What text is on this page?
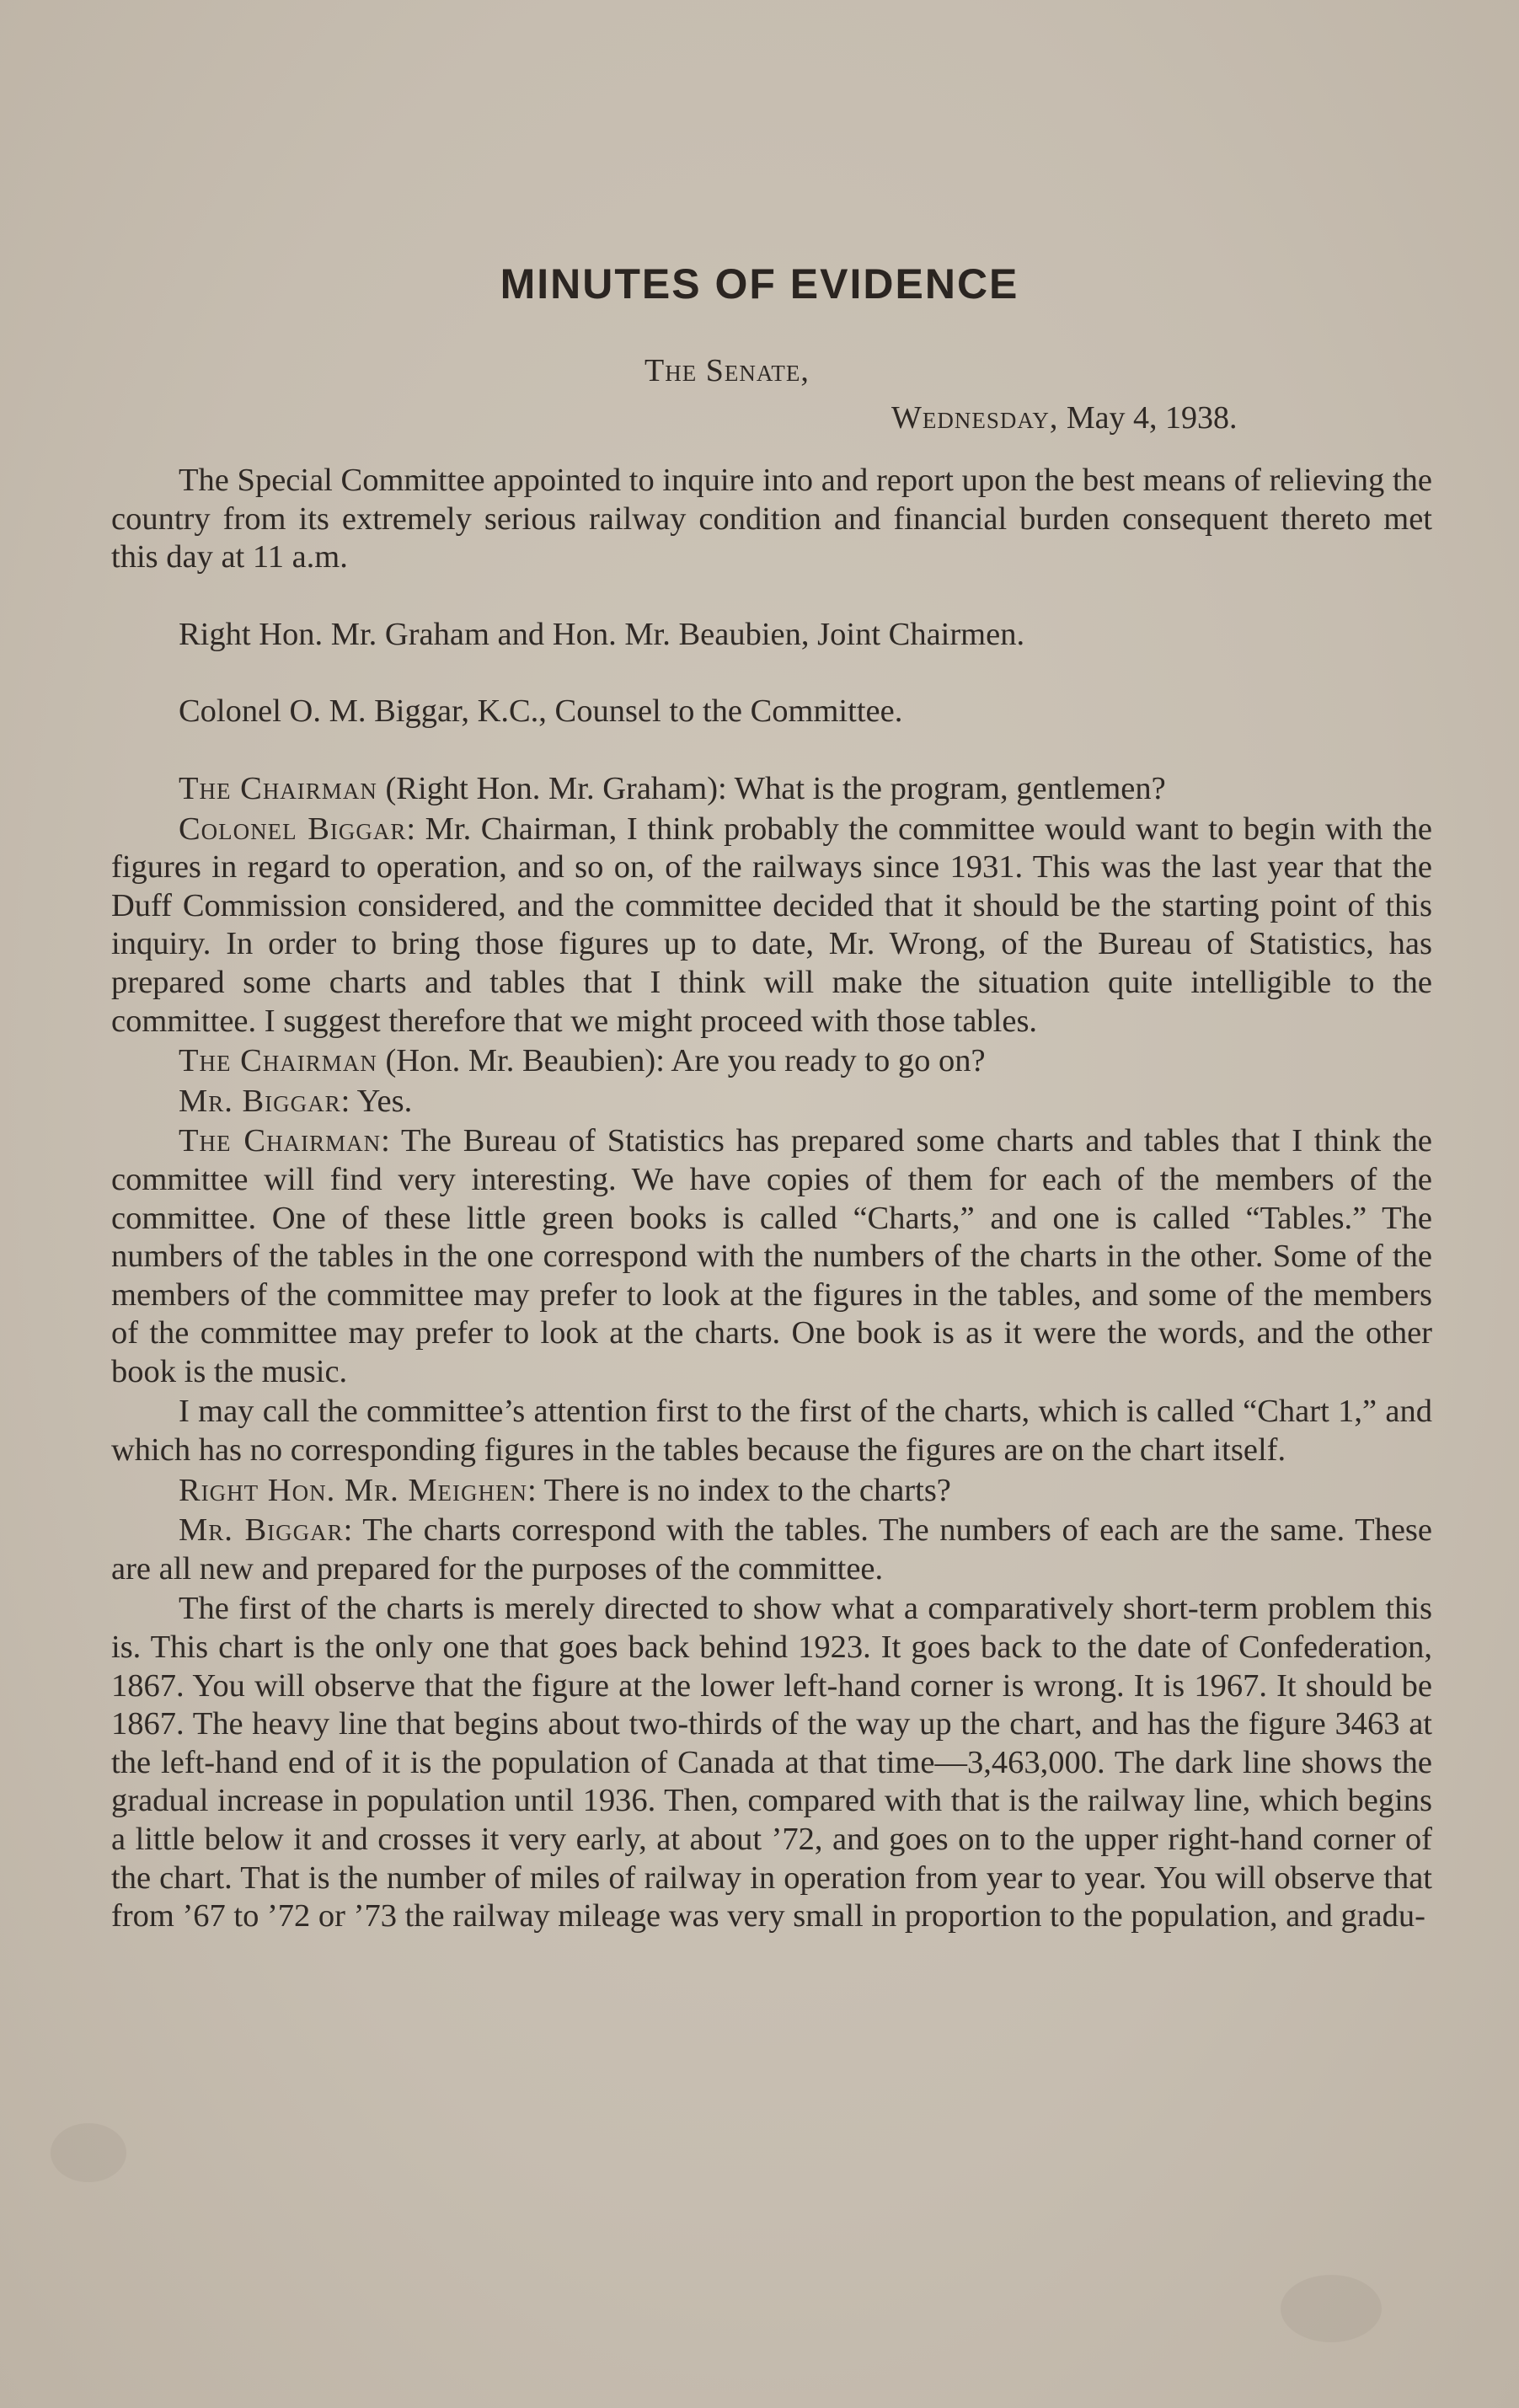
MINUTES OF EVIDENCE
The Senate,
Wednesday, May 4, 1938.

The Special Committee appointed to inquire into and report upon the best means of relieving the country from its extremely serious railway condition and financial burden consequent thereto met this day at 11 a.m.

Right Hon. Mr. Graham and Hon. Mr. Beaubien, Joint Chairmen.

Colonel O. M. Biggar, K.C., Counsel to the Committee.

The Chairman (Right Hon. Mr. Graham): What is the program, gentlemen?

Colonel Biggar: Mr. Chairman, I think probably the committee would want to begin with the figures in regard to operation, and so on, of the railways since 1931. This was the last year that the Duff Commission considered, and the committee decided that it should be the starting point of this inquiry. In order to bring those figures up to date, Mr. Wrong, of the Bureau of Statistics, has prepared some charts and tables that I think will make the situation quite intelligible to the committee. I suggest therefore that we might proceed with those tables.

The Chairman (Hon. Mr. Beaubien): Are you ready to go on?

Mr. Biggar: Yes.

The Chairman: The Bureau of Statistics has prepared some charts and tables that I think the committee will find very interesting. We have copies of them for each of the members of the committee. One of these little green books is called “Charts,” and one is called “Tables.” The numbers of the tables in the one correspond with the numbers of the charts in the other. Some of the members of the committee may prefer to look at the figures in the tables, and some of the members of the committee may prefer to look at the charts. One book is as it were the words, and the other book is the music.

I may call the committee’s attention first to the first of the charts, which is called “Chart 1,” and which has no corresponding figures in the tables because the figures are on the chart itself.

Right Hon. Mr. Meighen: There is no index to the charts?

Mr. Biggar: The charts correspond with the tables. The numbers of each are the same. These are all new and prepared for the purposes of the committee.

The first of the charts is merely directed to show what a comparatively short-term problem this is. This chart is the only one that goes back behind 1923. It goes back to the date of Confederation, 1867. You will observe that the figure at the lower left-hand corner is wrong. It is 1967. It should be 1867. The heavy line that begins about two-thirds of the way up the chart, and has the figure 3463 at the left-hand end of it is the population of Canada at that time—3,463,000. The dark line shows the gradual increase in population until 1936. Then, compared with that is the railway line, which begins a little below it and crosses it very early, at about ’72, and goes on to the upper right-hand corner of the chart. That is the number of miles of railway in operation from year to year. You will observe that from ’67 to ’72 or ’73 the railway mileage was very small in proportion to the population, and gradu-
